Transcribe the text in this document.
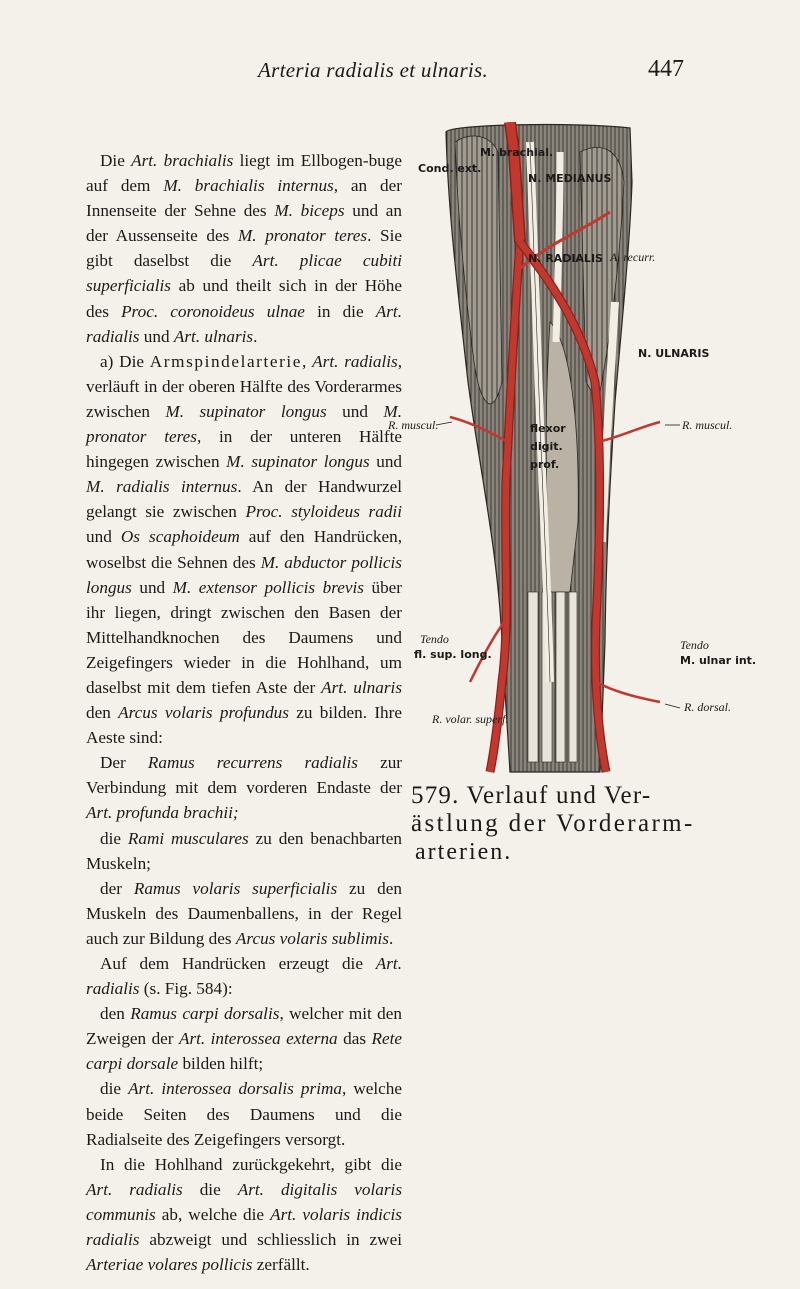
Arteria radialis et ulnaris.	447

Die Art. brachialis liegt im Ellbogen-buge auf dem M. brachialis internus, an der Innenseite der Sehne des M. biceps und an der Aussenseite des M. pronator teres. Sie gibt daselbst die Art. plicae cubiti superficialis ab und theilt sich in der Höhe des Proc. coronoideus ulnae in die Art. radialis und Art. ulnaris.

a) Die Armspindelarterie, Art. radialis, verläuft in der oberen Hälfte des Vorderarmes zwischen M. supinator longus und M. pronator teres, in der unteren Hälfte hingegen zwischen M. supinator longus und M. radialis internus. An der Handwurzel gelangt sie zwischen Proc. styloideus radii und Os scaphoideum auf den Handrücken, woselbst die Sehnen des M. abductor pollicis longus und M. extensor pollicis brevis über ihr liegen, dringt zwischen den Basen der Mittelhandknochen des Daumens und Zeigefingers wieder in die Hohlhand, um daselbst mit dem tiefen Aste der Art. ulnaris den Arcus volaris profundus zu bilden. Ihre Aeste sind:

Der Ramus recurrens radialis zur Verbindung mit dem vorderen Endaste der Art. profunda brachii;

die Rami musculares zu den benachbarten Muskeln;

der Ramus volaris superficialis zu den Muskeln des Daumenballens, in der Regel auch zur Bildung des Arcus volaris sublimis.

Auf dem Handrücken erzeugt die Art. radialis (s. Fig. 584):

den Ramus carpi dorsalis, welcher mit den Zweigen der Art. interossea externa das Rete carpi dorsale bilden hilft;

die Art. interossea dorsalis prima, welche beide Seiten des Daumens und die Radialseite des Zeigefingers versorgt.

In die Hohlhand zurückgekehrt, gibt die Art. radialis die Art. digitalis volaris communis ab, welche die Art. volaris indicis radialis abzweigt und schliesslich in zwei Arteriae volares pollicis zerfällt.

M. brachial.
Cond. ext.
N. MEDIANUS
N. RADIALIS A. recurr.
R. muscul.	R. muscul.
N. ULNARIS
flexor
digit.
prof.
Tendo
fl. sup. long.
R. volar. superf.
Tendo
M. ulnar int.
R. dorsal.
579. Verlauf und Ver-
ästlung der Vorderarm-
arterien.
